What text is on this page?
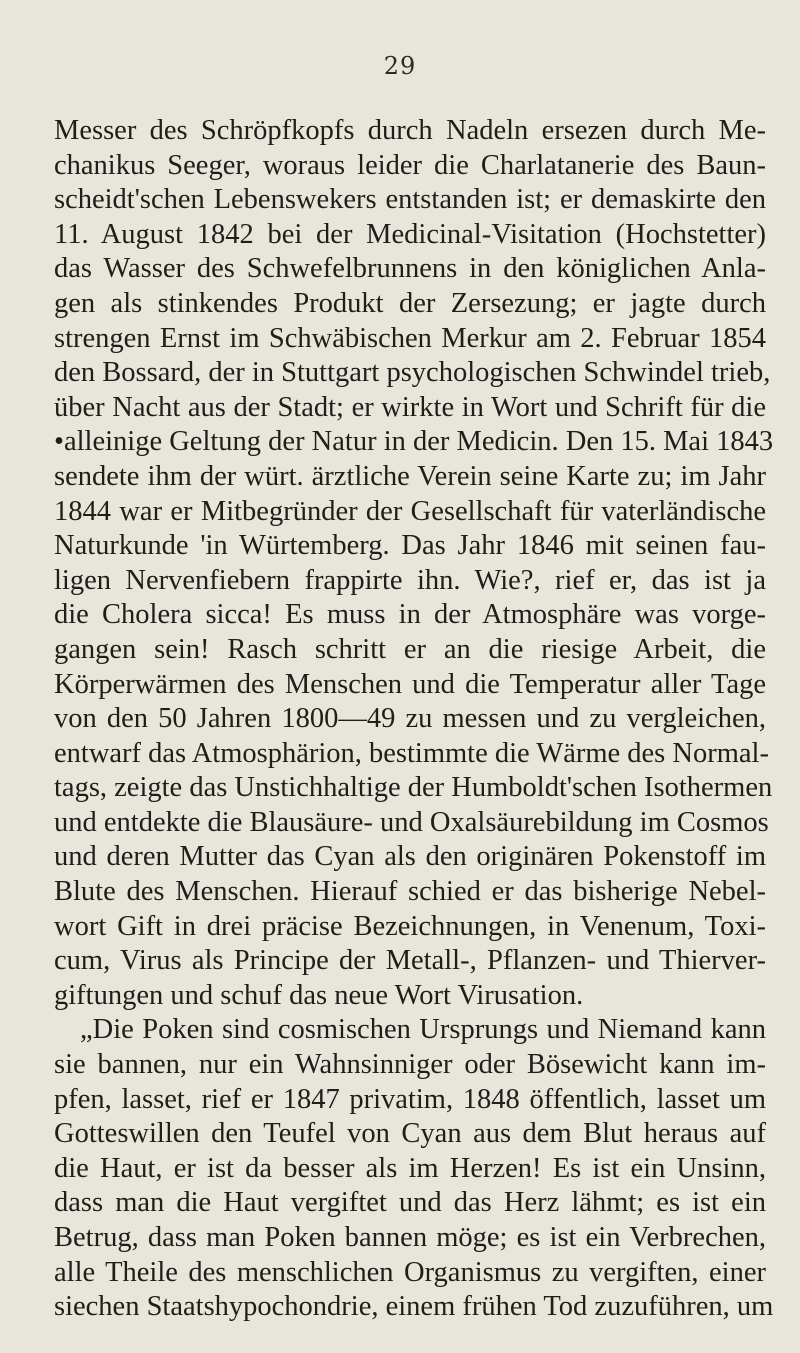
29
Messer des Schröpfkopfs durch Nadeln ersezen durch Me-
chanikus Seeger, woraus leider die Charlatanerie des Baun-
scheidt'schen Lebenswekers entstanden ist; er demaskirte den
11. August 1842 bei der Medicinal-Visitation (Hochstetter)
das Wasser des Schwefelbrunnens in den königlichen Anla-
gen als stinkendes Produkt der Zersezung; er jagte durch
strengen Ernst im Schwäbischen Merkur am 2. Februar 1854
den Bossard, der in Stuttgart psychologischen Schwindel trieb,
über Nacht aus der Stadt; er wirkte in Wort und Schrift für die
•alleinige Geltung der Natur in der Medicin. Den 15. Mai 1843
sendete ihm der würt. ärztliche Verein seine Karte zu; im Jahr
1844 war er Mitbegründer der Gesellschaft für vaterländische
Naturkunde 'in Würtemberg. Das Jahr 1846 mit seinen fau-
ligen Nervenfiebern frappirte ihn. Wie?, rief er, das ist ja
die Cholera sicca! Es muss in der Atmosphäre was vorge-
gangen sein! Rasch schritt er an die riesige Arbeit, die
Körperwärmen des Menschen und die Temperatur aller Tage
von den 50 Jahren 1800—49 zu messen und zu vergleichen,
entwarf das Atmosphärion, bestimmte die Wärme des Normal-
tags, zeigte das Unstichhaltige der Humboldt'schen Isothermen
und entdekte die Blausäure- und Oxalsäurebildung im Cosmos
und deren Mutter das Cyan als den originären Pokenstoff im
Blute des Menschen. Hierauf schied er das bisherige Nebel-
wort Gift in drei präcise Bezeichnungen, in Venenum, Toxi-
cum, Virus als Principe der Metall-, Pflanzen- und Thierver-
giftungen und schuf das neue Wort Virusation.
„Die Poken sind cosmischen Ursprungs und Niemand kann
sie bannen, nur ein Wahnsinniger oder Bösewicht kann im-
pfen, lasset, rief er 1847 privatim, 1848 öffentlich, lasset um
Gotteswillen den Teufel von Cyan aus dem Blut heraus auf
die Haut, er ist da besser als im Herzen! Es ist ein Unsinn,
dass man die Haut vergiftet und das Herz lähmt; es ist ein
Betrug, dass man Poken bannen möge; es ist ein Verbrechen,
alle Theile des menschlichen Organismus zu vergiften, einer
siechen Staatshypochondrie, einem frühen Tod zuzuführen, um
